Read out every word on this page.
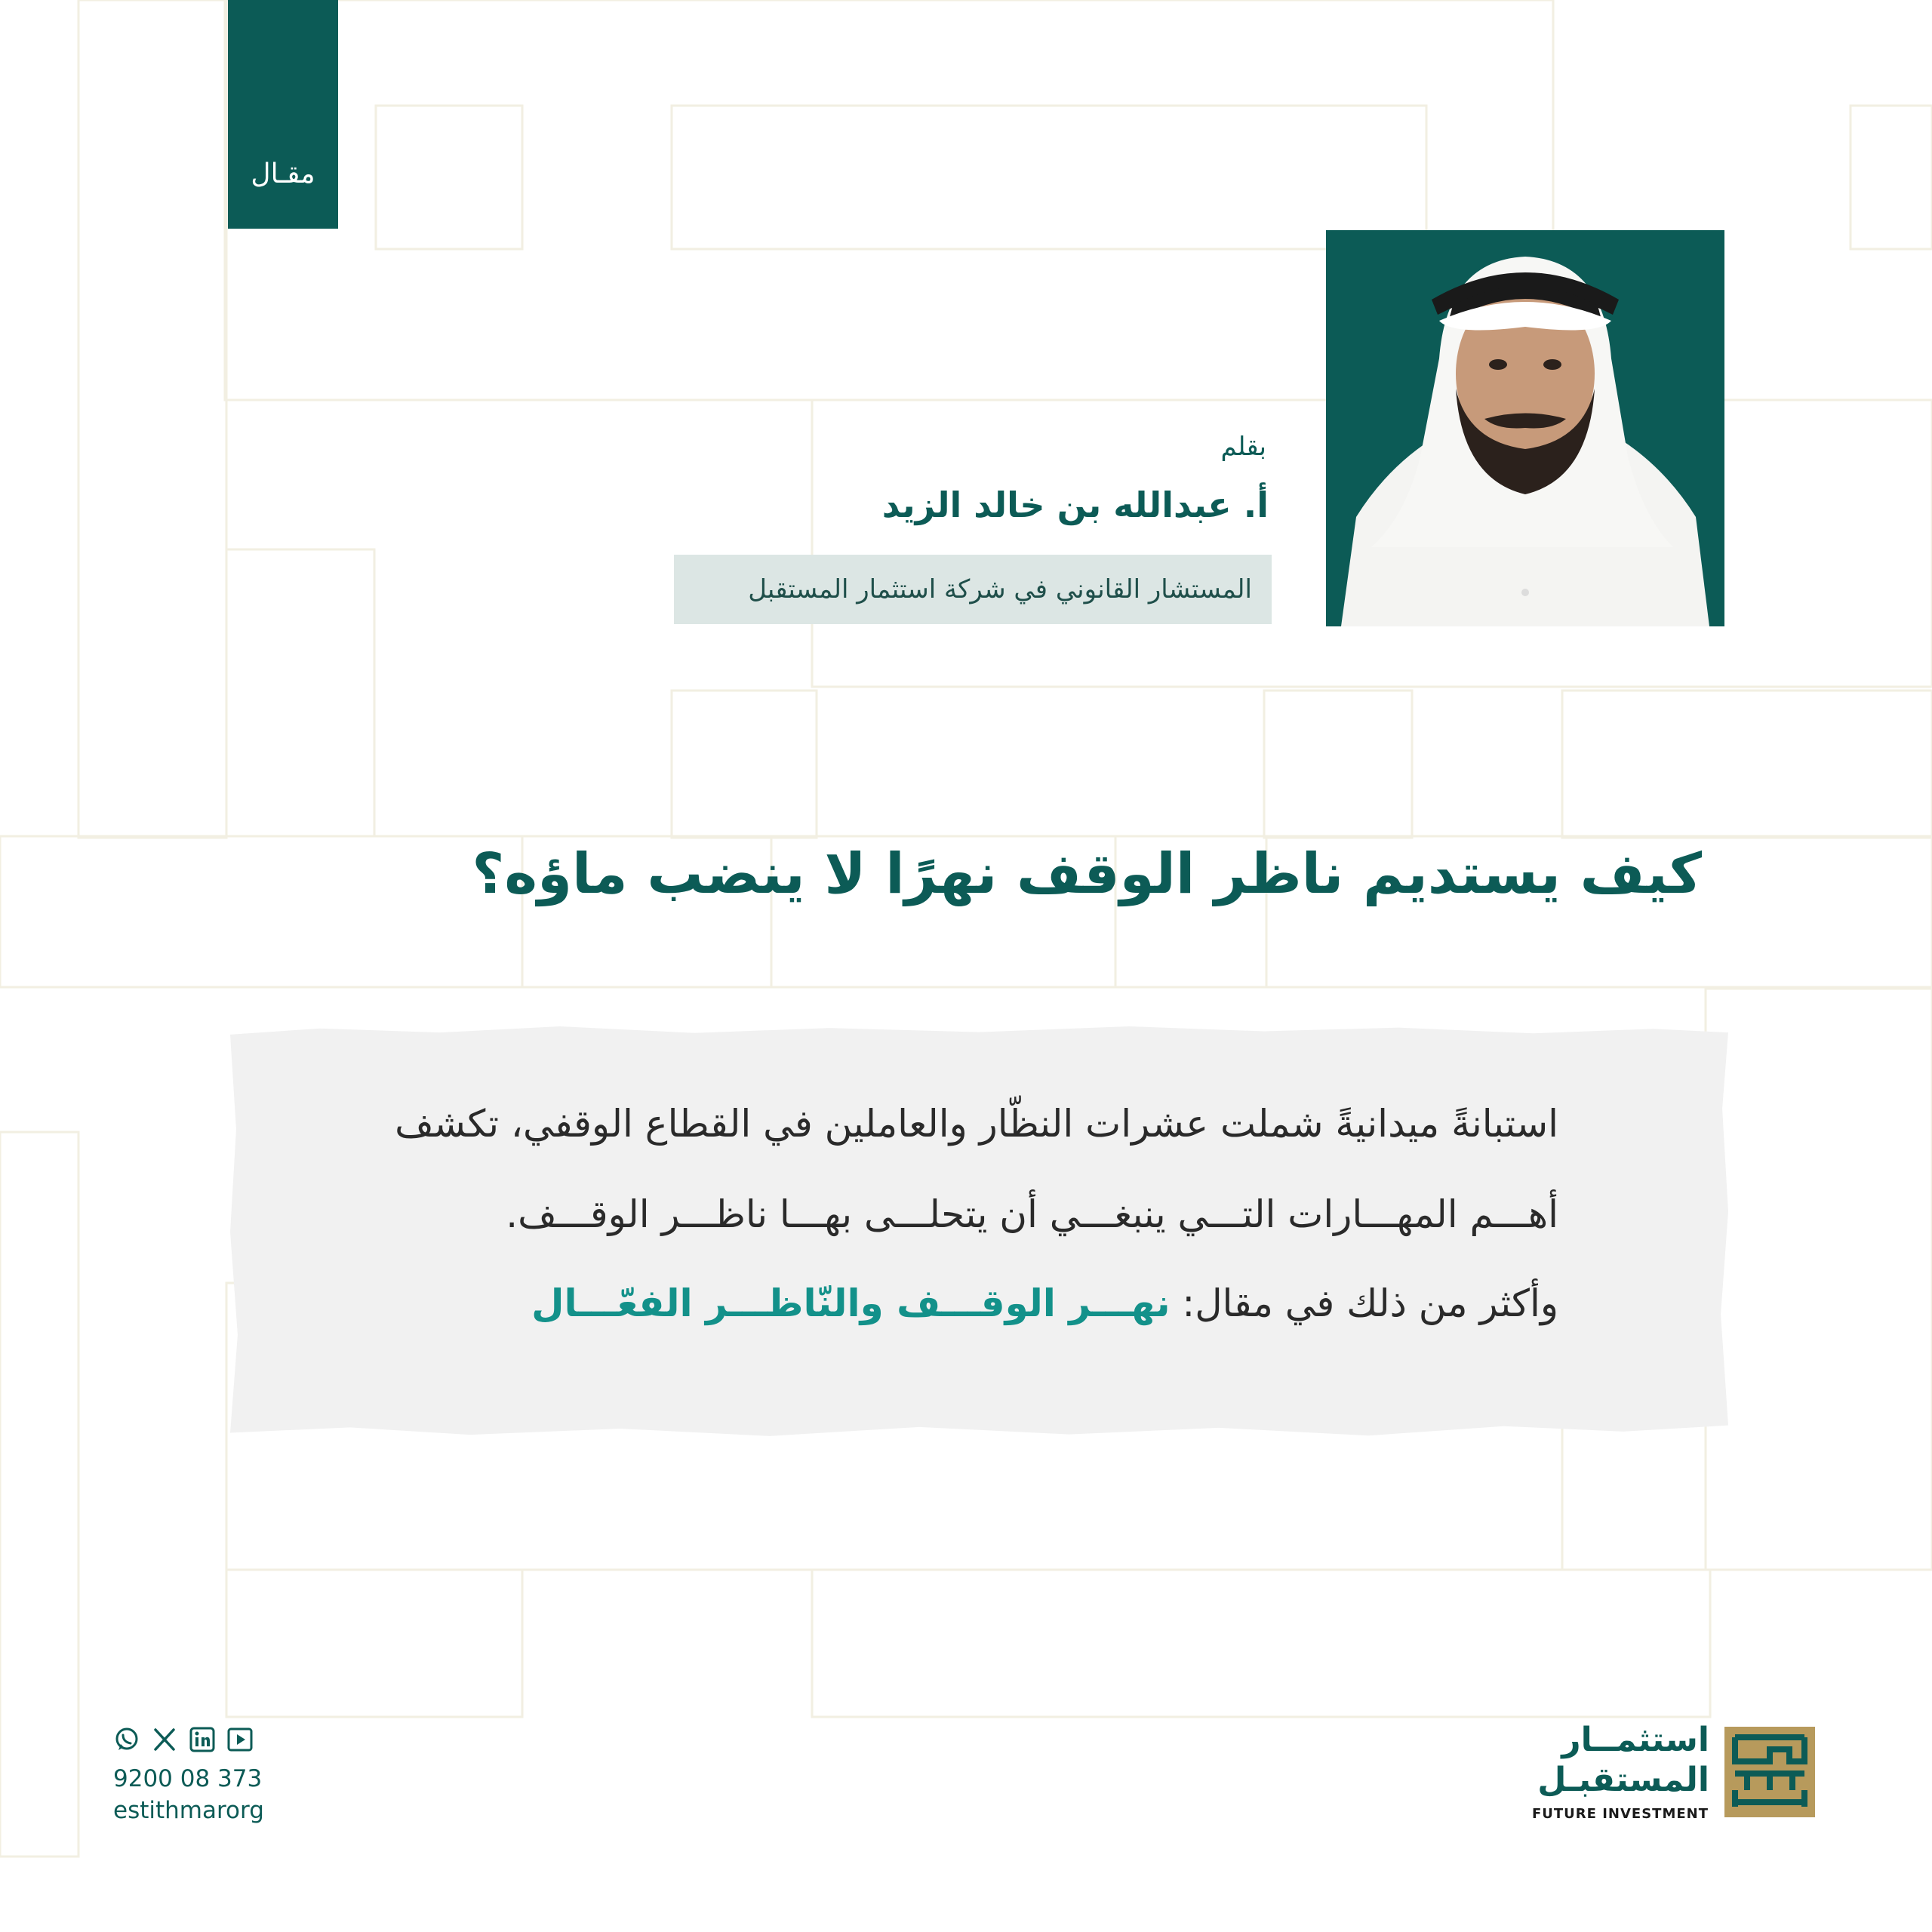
مقـال
بقلم
أ. عبدالله بن خالد الزيد
المستشار القانوني في شركة استثمار المستقبل
كيف يستديم ناظر الوقف نهرًا لا ينضب ماؤه؟
استبانةً ميدانيةً شملت عشرات النظّار والعاملين في القطاع الوقفي، تكشف
أهـــم المهـــارات التـــي ينبغـــي أن يتحلـــى بهـــا ناظـــر الوقـــف.
وأكثر من ذلك في مقال: نهـــر الوقـــف والنّاظـــر الفعّـــال
9200 08 373
estithmarorg
استثمــار
المستقبـل
FUTURE INVESTMENT
